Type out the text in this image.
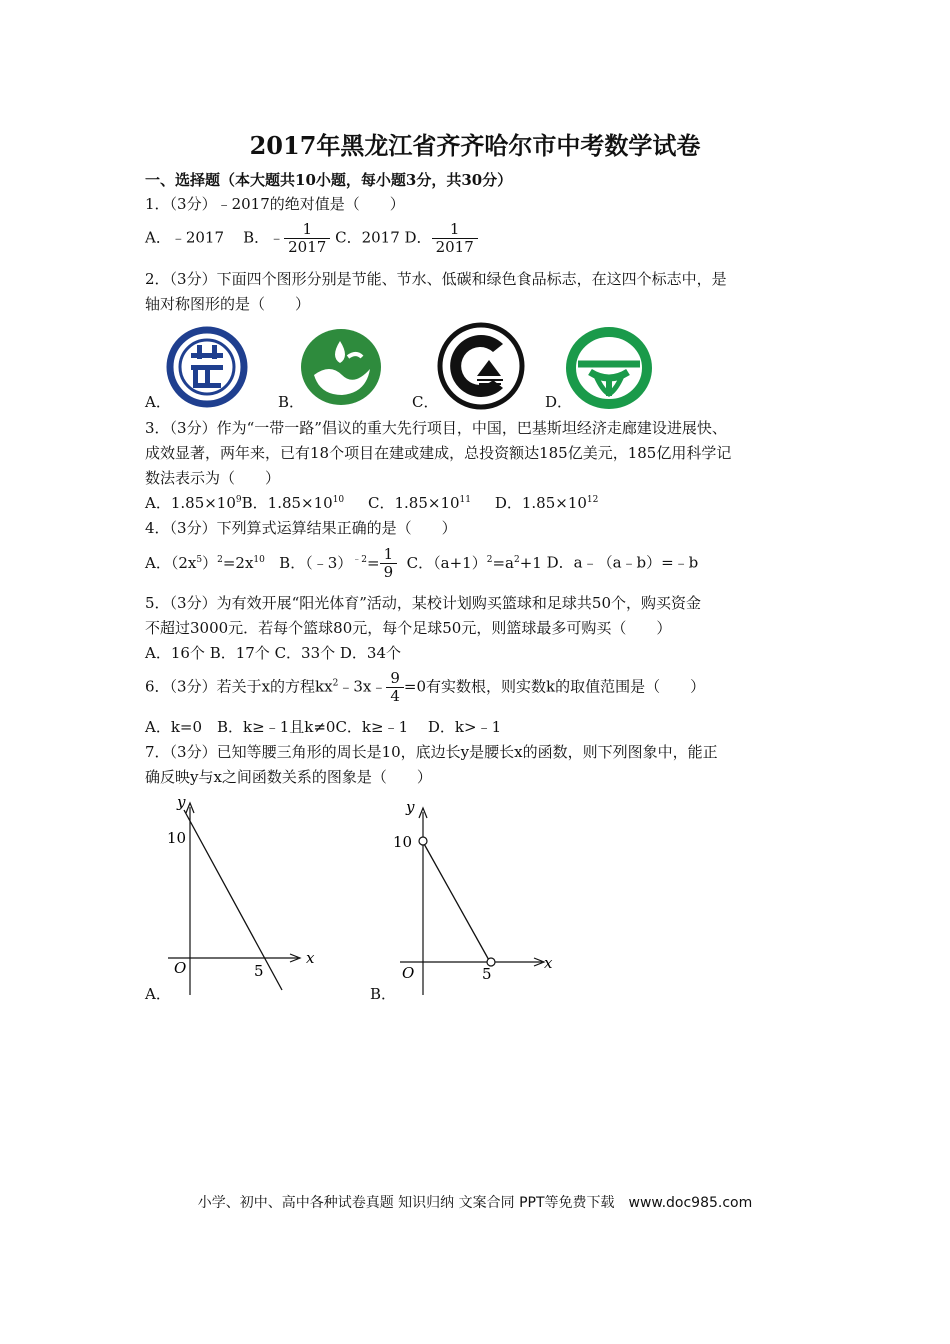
2017年黑龙江省齐齐哈尔市中考数学试卷
一、选择题（本大题共10小题，每小题3分，共30分）
1．（3分）﹣2017的绝对值是（　　）
A．﹣2017 B．﹣ $\frac{1}{2017}$ C．2017 D． $\frac{1}{2017}$
2．（3分）下面四个图形分别是节能、节水、低碳和绿色食品标志，在这四个标志中，是
轴对称图形的是（　　）
A．	B．	C．	D．
3．（3分）作为“一带一路”倡议的重大先行项目，中国，巴基斯坦经济走廊建设进展快、
成效显著，两年来，已有18个项目在建或建成，总投资额达185亿美元，185亿用科学记
数法表示为（　　）
A．$1.85\times 10^9B$．$1.85\times 10^{10}$ C．$1.85\times 10^{11}$ D．$1.85\times 10^{12}$
4．（3分）下列算式运算结果正确的是（　　）
A．$(2x^5)^2=2x^{10}$ B．（﹣3）$^{﹣2}$= $\frac{1}{9}$ C．$(a+1)^2=a^2+1$ D．a﹣（a﹣b）=﹣b
5．（3分）为有效开展“阳光体育”活动，某校计划购买篮球和足球共50个，购买资金
不超过3000元．若每个篮球80元，每个足球50元，则篮球最多可购买（　　）
A．16个 B．17个 C．33个 D．34个
6．（3分）若关于x的方程$kx^2﹣3x﹣ \frac{9}{4} =0$有实数根，则实数k的取值范围是（　　）
A．k=0　B．k≥﹣1且k≠0C．k≥﹣1　 D．k>﹣1
7．（3分）已知等腰三角形的周长是10，底边长y是腰长x的函数，则下列图象中，能正
确反映y与x之间函数关系的图象是（　　）
y
x
O
10
5
A．
y
x
O
10
5
B．
小学、初中、高中各种试卷真题 知识归纳 文案合同 PPT等免费下载　www.doc985.com
